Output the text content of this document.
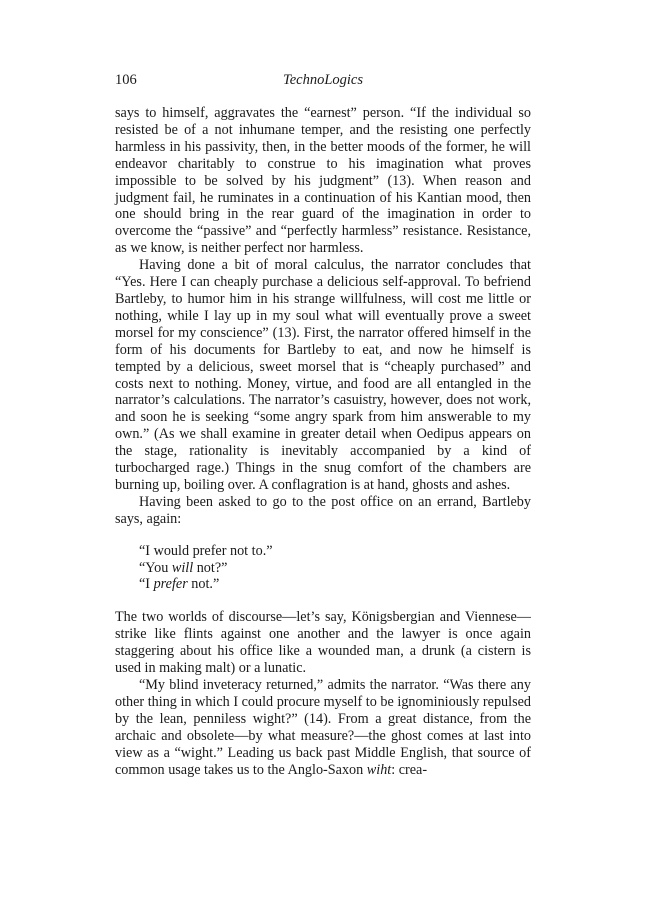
106	TechnoLogics

says to himself, aggravates the “earnest” person. “If the individual so resisted be of a not inhumane temper, and the resisting one perfectly harmless in his passivity, then, in the better moods of the former, he will endeavor charitably to construe to his imagination what proves impossible to be solved by his judgment” (13). When reason and judgment fail, he ruminates in a continuation of his Kantian mood, then one should bring in the rear guard of the imagination in order to overcome the “passive” and “perfectly harmless” resistance. Resistance, as we know, is neither perfect nor harmless.

Having done a bit of moral calculus, the narrator concludes that “Yes. Here I can cheaply purchase a delicious self-approval. To befriend Bartleby, to humor him in his strange willfulness, will cost me little or nothing, while I lay up in my soul what will eventually prove a sweet morsel for my conscience” (13). First, the narrator offered himself in the form of his documents for Bartleby to eat, and now he himself is tempted by a delicious, sweet morsel that is “cheaply purchased” and costs next to nothing. Money, virtue, and food are all entangled in the narrator’s calculations. The narrator’s casuistry, however, does not work, and soon he is seeking “some angry spark from him answerable to my own.” (As we shall examine in greater detail when Oedipus appears on the stage, rationality is inevitably accompanied by a kind of turbocharged rage.) Things in the snug comfort of the chambers are burning up, boiling over. A conflagration is at hand, ghosts and ashes.

Having been asked to go to the post office on an errand, Bartleby says, again:

“I would prefer not to.”

“You will not?”

“I prefer not.”

The two worlds of discourse—let’s say, Königsbergian and Viennese—strike like flints against one another and the lawyer is once again staggering about his office like a wounded man, a drunk (a cistern is used in making malt) or a lunatic.

“My blind inveteracy returned,” admits the narrator. “Was there any other thing in which I could procure myself to be ignominiously repulsed by the lean, penniless wight?” (14). From a great distance, from the archaic and obsolete—by what measure?—the ghost comes at last into view as a “wight.” Leading us back past Middle English, that source of common usage takes us to the Anglo-Saxon wiht: crea-
